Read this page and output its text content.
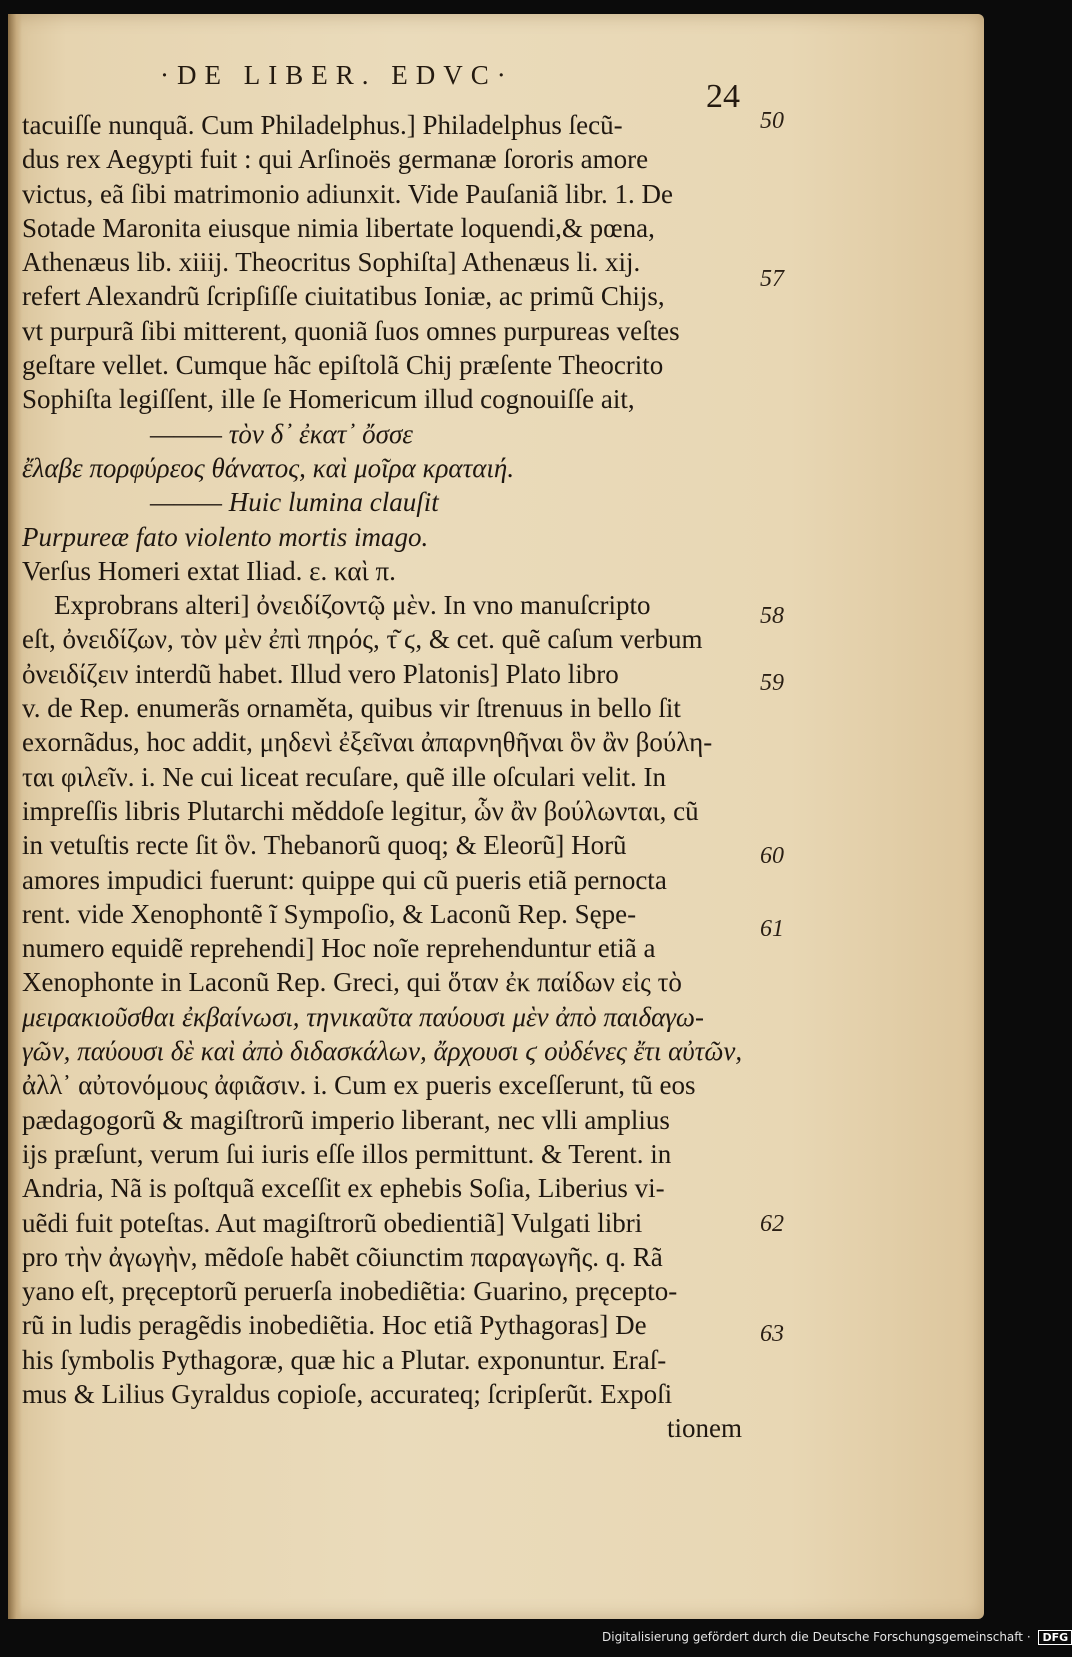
·DE LIBER. EDVC·
24
tacuiſſe nunquã. Cum Philadelphus.] Philadelphus ſecũ-
dus rex Aegypti fuit : qui Arſinoës germanæ ſororis amore
victus, eã ſibi matrimonio adiunxit. Vide Pauſaniã libr. 1. De
Sotade Maronita eiusque nimia libertate loquendi,& pœna,
Athenæus lib. xiiij. Theocritus Sophiſta] Athenæus li. xij.
refert Alexandrũ ſcripſiſſe ciuitatibus Ioniæ, ac primũ Chijs,
vt purpurã ſibi mitterent, quoniã ſuos omnes purpureas veſtes
geſtare vellet. Cumque hãc epiſtolã Chij præſente Theocrito
Sophiſta legiſſent, ille ſe Homericum illud cognouiſſe ait,
——— τὸν δ᾽ ἐκατ᾽ ὄσσε
ἔλαβε πορφύρεος θάνατος, καὶ μοῖρα κραταιή.
——— Huic lumina clauſit
Purpureæ fato violento mortis imago.
Verſus Homeri extat Iliad. ε. καὶ π.
Exprobrans alteri] ὀνειδίζοντῷ μὲν. In vno manuſcripto
eſt, ὀνειδίζων, τὸν μὲν ἐπὶ πηρός, τ͂ ϛ, & cet. quẽ caſum verbum
ὀνειδίζειν interdũ habet. Illud vero Platonis] Plato libro
v. de Rep. enumerãs ornaměta, quibus vir ſtrenuus in bello ſit
exornãdus, hoc addit, μηδενὶ ἐξεῖναι ἀπαρνηθῆναι ὃν ἂν βούλη-
ται φιλεῖν. i. Ne cui liceat recuſare, quẽ ille oſculari velit. In
impreſſis libris Plutarchi měddoſe legitur, ὧν ἂν βούλωνται, cũ
in vetuſtis recte ſit ὃν. Thebanorũ quoq; & Eleorũ] Horũ
amores impudici fuerunt: quippe qui cũ pueris etiã pernocta
rent. vide Xenophontẽ ĩ Sympoſio, & Laconũ Rep. Sępe-
numero equidẽ reprehendi] Hoc noĩe reprehenduntur etiã a
Xenophonte in Laconũ Rep. Greci, qui ὅταν ἐκ παίδων εἰς τὸ
μειρακιοῦσθαι ἐκβαίνωσι, τηνικαῦτα παύουσι μὲν ἀπὸ παιδαγω-
γῶν, παύουσι δὲ καὶ ἀπὸ διδασκάλων, ἄρχουσι ϛ οὐδένες ἔτι αὐτῶν,
ἀλλ᾽ αὐτονόμους ἀφιᾶσιν. i. Cum ex pueris exceſſerunt, tũ eos
pædagogorũ & magiſtrorũ imperio liberant, nec vlli amplius
ijs præſunt, verum ſui iuris eſſe illos permittunt. & Terent. in
Andria, Nã is poſtquã exceſſit ex ephebis Soſia, Liberius vi-
uẽdi fuit poteſtas. Aut magiſtrorũ obedientiã] Vulgati libri
pro τὴν ἀγωγὴν, mẽdoſe habẽt cõiunctim παραγωγῆς. q. Rã
yano eſt, pręceptorũ peruerſa inobediẽtia: Guarino, pręcepto-
rũ in ludis peragẽdis inobediẽtia. Hoc etiã Pythagoras] De
his ſymbolis Pythagoræ, quæ hic a Plutar. exponuntur. Eraſ-
mus & Lilius Gyraldus copioſe, accurateq; ſcripſerũt. Expoſi
tionem
50
57
58
59
60
61
62
63
Digitalisierung gefördert durch die Deutsche Forschungsgemeinschaft · DFG
